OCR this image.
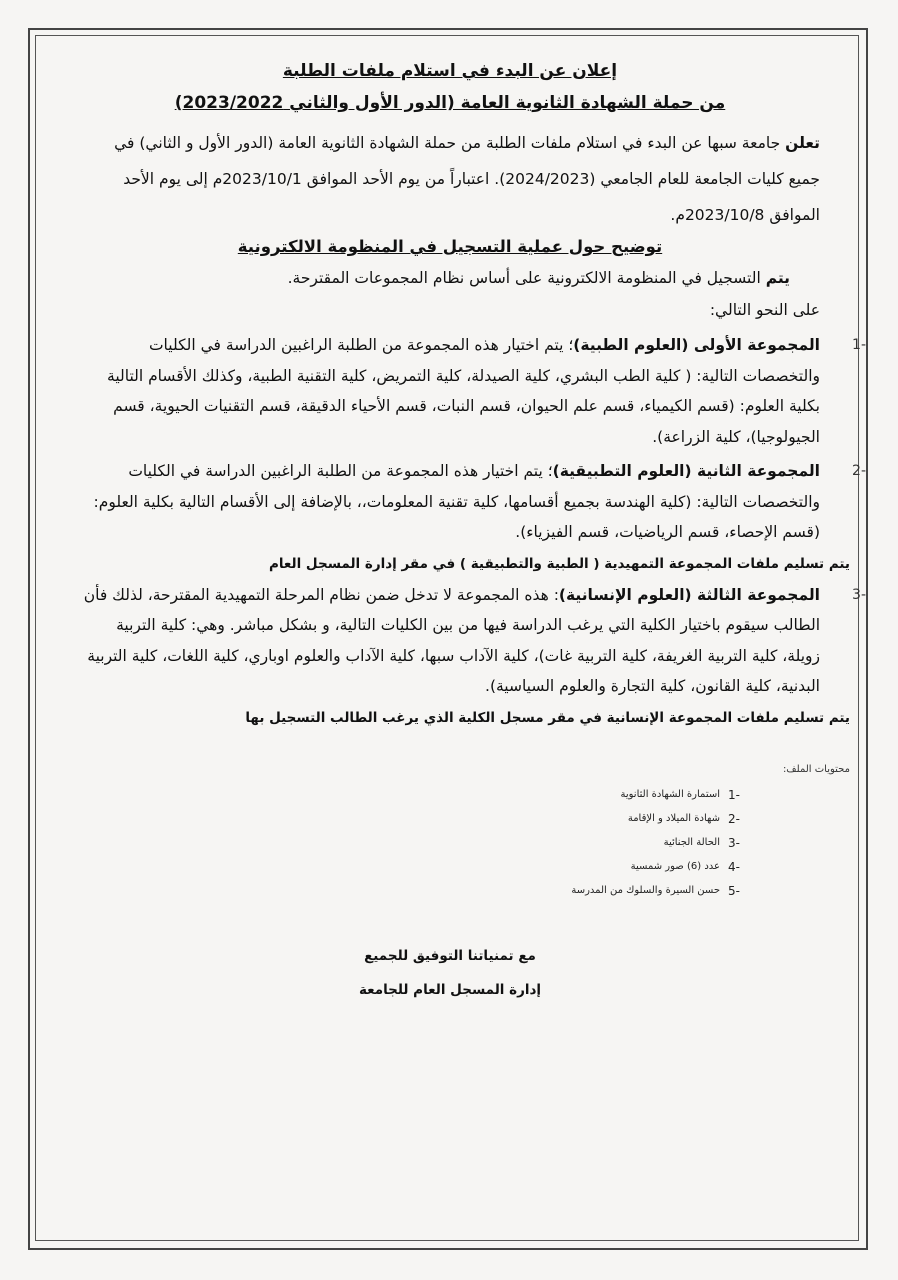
إعلان عن البدء في استلام ملفات الطلبة
من حملة الشهادة الثانوية العامة (الدور الأول والثاني 2023/2022)

تعلن جامعة سبها عن البدء في استلام ملفات الطلبة من حملة الشهادة الثانوية العامة (الدور الأول و الثاني) في جميع كليات الجامعة للعام الجامعي (2024/2023). اعتباراً من يوم الأحد الموافق 2023/10/1م إلى يوم الأحد الموافق 2023/10/8م.

توضيح حول عملية التسجيل في المنظومة الالكترونية

يتم التسجيل في المنظومة الالكترونية على أساس نظام المجموعات المقترحة.

على النحو التالي:

-1
المجموعة الأولى (العلوم الطبية)؛ يتم اختيار هذه المجموعة من الطلبة الراغبين الدراسة في الكليات والتخصصات التالية: ( كلية الطب البشري، كلية الصيدلة، كلية التمريض، كلية التقنية الطبية، وكذلك الأقسام التالية بكلية العلوم: (قسم الكيمياء، قسم علم الحيوان، قسم النبات، قسم الأحياء الدقيقة، قسم التقنيات الحيوية، قسم الجيولوجيا)، كلية الزراعة).
-2
المجموعة الثانية (العلوم التطبيقية)؛ يتم اختيار هذه المجموعة من الطلبة الراغبين الدراسة في الكليات والتخصصات التالية: (كلية الهندسة بجميع أقسامها، كلية تقنية المعلومات،، بالإضافة إلى الأقسام التالية بكلية العلوم: (قسم الإحصاء، قسم الرياضيات، قسم الفيزياء).
يتم تسليم ملفات المجموعة التمهيدية ( الطبية والتطبيقية ) في مقر إدارة المسجل العام
-3
المجموعة الثالثة (العلوم الإنسانية): هذه المجموعة لا تدخل ضمن نظام المرحلة التمهيدية المقترحة، لذلك فأن الطالب سيقوم باختيار الكلية التي يرغب الدراسة فيها من بين الكليات التالية، و بشكل مباشر. وهي: كلية التربية زويلة، كلية التربية الغريفة، كلية التربية غات)، كلية الآداب سبها، كلية الآداب والعلوم اوباري، كلية اللغات، كلية التربية البدنية، كلية القانون، كلية التجارة والعلوم السياسية).
يتم تسليم ملفات المجموعة الإنسانية في مقر مسجل الكلية الذي يرغب الطالب التسجيل بها
محتويات الملف:
-1
استمارة الشهادة الثانوية
-2
شهادة الميلاد و الإقامة
-3
الحالة الجنائية
-4
عدد (6) صور شمسية
-5
حسن السيرة والسلوك من المدرسة
مع تمنياتنا التوفيق للجميع
إدارة المسجل العام للجامعة
